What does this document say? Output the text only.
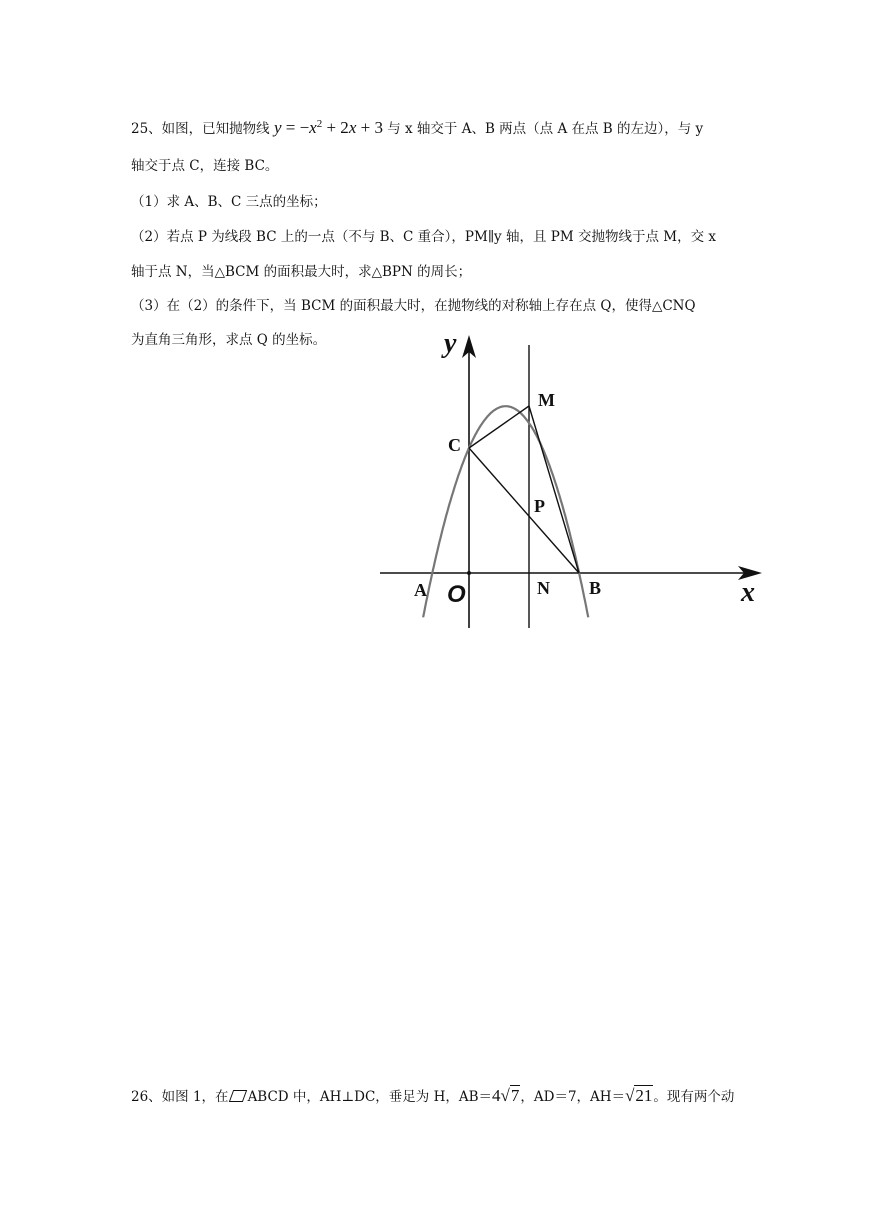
25、如图，已知抛物线 $y = -x^2 + 2x + 3$ 与 x 轴交于 A、B 两点（点 A 在点 B 的左边），与 y
轴交于点 C，连接 BC。
（1）求 A、B、C 三点的坐标；
（2）若点 P 为线段 BC 上的一点（不与 B、C 重合），PM∥y 轴，且 PM 交抛物线于点 M，交 x
轴于点 N，当△BCM 的面积最大时，求△BPN 的周长；
（3）在（2）的条件下，当 BCM 的面积最大时，在抛物线的对称轴上存在点 Q，使得△CNQ
为直角三角形，求点 Q 的坐标。	y
x
O
A	B
C
M
N
P
26、如图 1，在 ABCD 中，AH⊥DC，垂足为 H，AB＝4√7，AD＝7，AH＝√21。现有两个动
